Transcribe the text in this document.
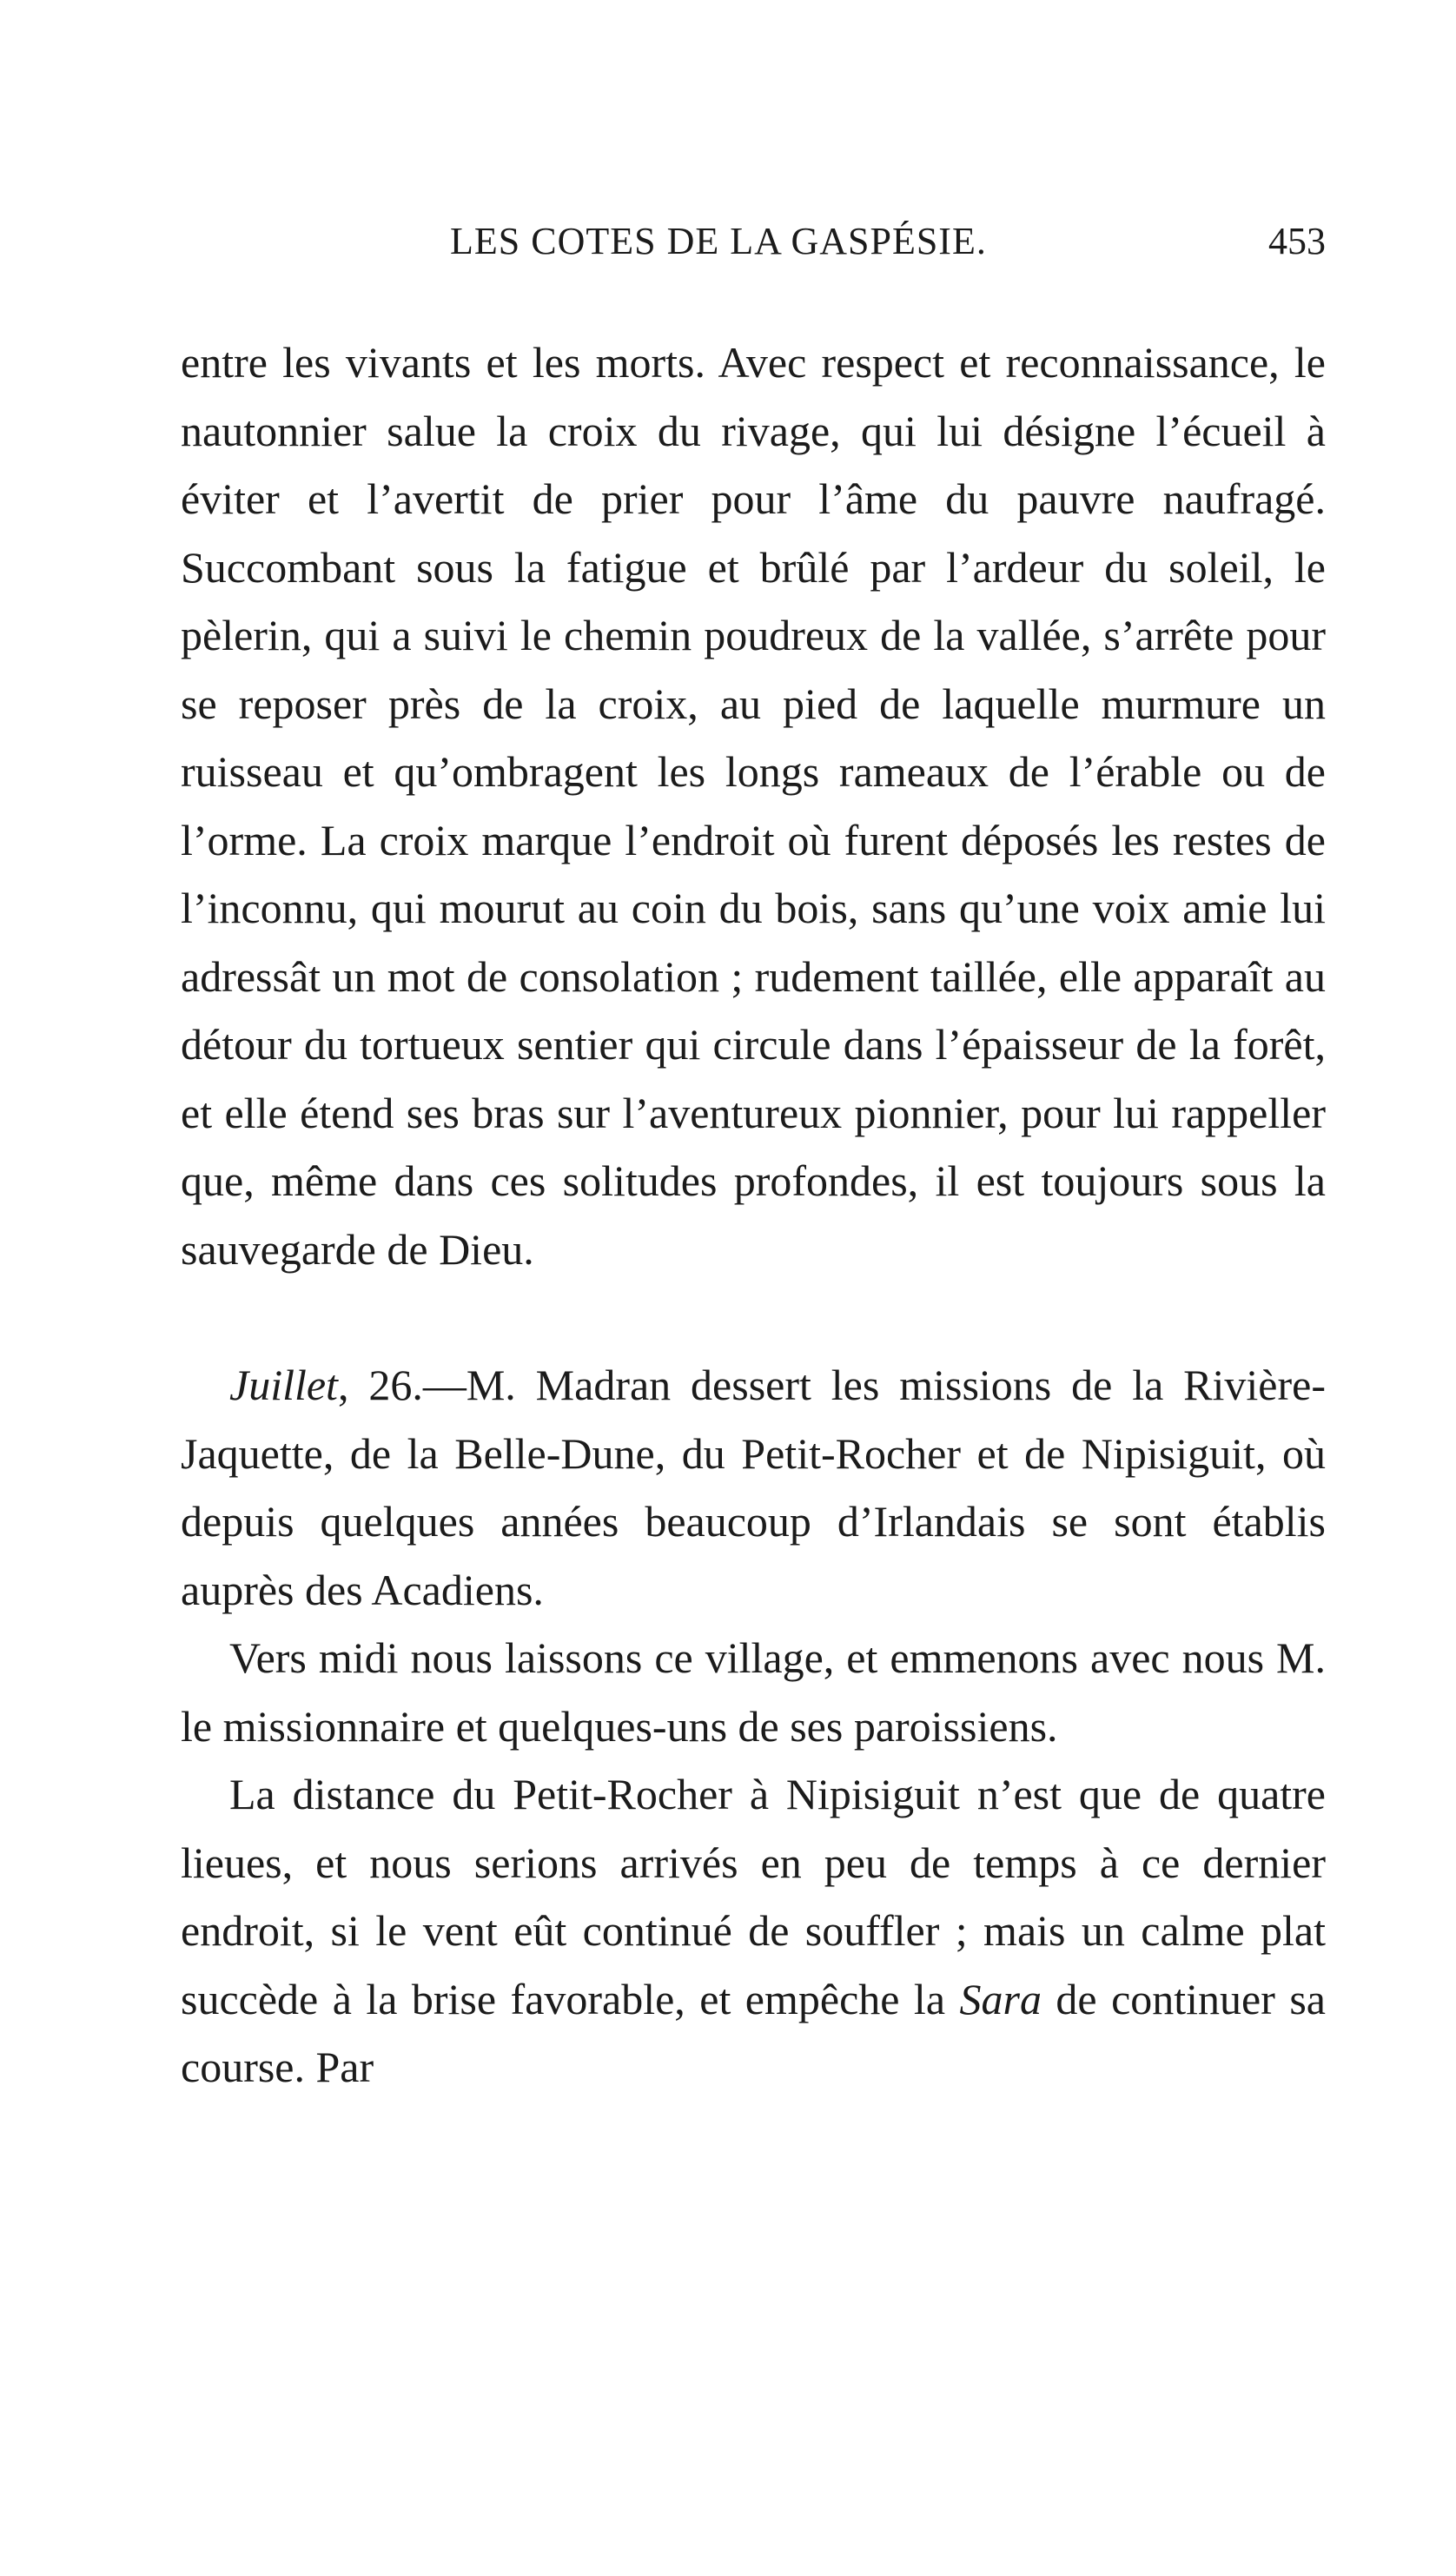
LES COTES DE LA GASPÉSIE.	453

entre les vivants et les morts. Avec respect et reconnaissance, le nautonnier salue la croix du rivage, qui lui désigne l’écueil à éviter et l’avertit de prier pour l’âme du pauvre naufragé. Succombant sous la fatigue et brûlé par l’ardeur du soleil, le pèlerin, qui a suivi le chemin poudreux de la vallée, s’arrête pour se reposer près de la croix, au pied de laquelle murmure un ruisseau et qu’ombragent les longs rameaux de l’érable ou de l’orme. La croix marque l’endroit où furent déposés les restes de l’inconnu, qui mourut au coin du bois, sans qu’une voix amie lui adressât un mot de consolation ; rudement taillée, elle apparaît au détour du tortueux sentier qui circule dans l’épaisseur de la forêt, et elle étend ses bras sur l’aventureux pionnier, pour lui rappeller que, même dans ces solitudes profondes, il est toujours sous la sauvegarde de Dieu.

Juillet, 26.—M. Madran dessert les missions de la Rivière-Jaquette, de la Belle-Dune, du Petit-Rocher et de Nipisiguit, où depuis quelques années beaucoup d’Irlandais se sont établis auprès des Acadiens.

Vers midi nous laissons ce village, et emmenons avec nous M. le missionnaire et quelques-uns de ses paroissiens.

La distance du Petit-Rocher à Nipisiguit n’est que de quatre lieues, et nous serions arrivés en peu de temps à ce dernier endroit, si le vent eût continué de souffler ; mais un calme plat succède à la brise favorable, et empêche la Sara de continuer sa course. Par
